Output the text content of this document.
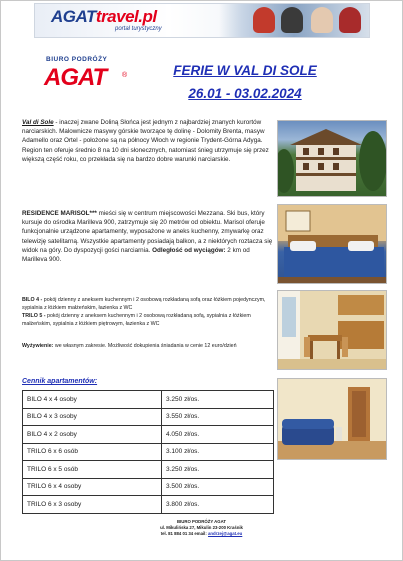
AGATtravel.pl
portal turystyczny
BIURO PODRÓŻY
AGAT ®	FERIE W VAL DI SOLE
26.01 - 03.02.2024
Val di Sole - inaczej zwane Doliną Słońca jest jednym z najbardziej znanych kurortów narciarskich. Malownicze masywy górskie tworzące tę dolinę - Dolomity Brenta, masyw Adamello oraz Ortel - położone są na północy Włoch w regionie Trydent-Górna Adyga. Region ten oferuje średnio 8 na 10 dni słonecznych, natomiast śnieg utrzymuje się przez większą część roku, co przekłada się na bardzo dobre warunki narciarskie.
RESIDENCE MARISOL*** mieści się w centrum miejscowości Mezzana. Ski bus, który kursuje do ośrodka Marilleva 900, zatrzymuje się 20 metrów od obiektu. Marisol oferuje funkcjonalnie urządzone apartamenty, wyposażone w aneks kuchenny, zmywarkę oraz telewizję satelitarną. Wszystkie apartamenty posiadają balkon, a z niektórych roztacza się widok na góry. Do dyspozycji gości narciarnia. Odległość od wyciągów: 2 km od Marilleva 900.
BILO 4 - pokój dzienny z aneksem kuchennym i 2 osobową rozkładaną sofą oraz łóżkiem pojedynczym, sypialnia z łóżkiem małżeńskim, łazienka z WC
TRILO 5 - pokój dzienny z aneksem kuchennym i 2 osobową rozkładaną sofą, sypialnia z łóżkiem małżeńskim, sypialnia z łóżkiem piętrowym, łazienka z WC
Wyżywienie: we własnym zakresie. Możliwość dokupienia śniadania w cenie 12 euro/dzień
Cennik apartamentów:
BILO 4 x 4 osoby	3.250 zł/os.
BILO 4 x 3 osoby	3.550 zł/os.
BILO 4 x 2 osoby	4.050 zł/os.
TRILO 6 x 6 osób	3.100 zł/os.
TRILO 6 x 5 osób	3.250 zł/os.
TRILO 6 x 4 osoby	3.500 zł/os.
TRILO 6 x 3 osoby	3.800 zł/os.
BIURO PODRÓŻY AGAT
ul. Mikulińska 27, Mikulin 23-200 Kraśnik
tel. 81 884 01 34 email: andrzej@agat.eu
